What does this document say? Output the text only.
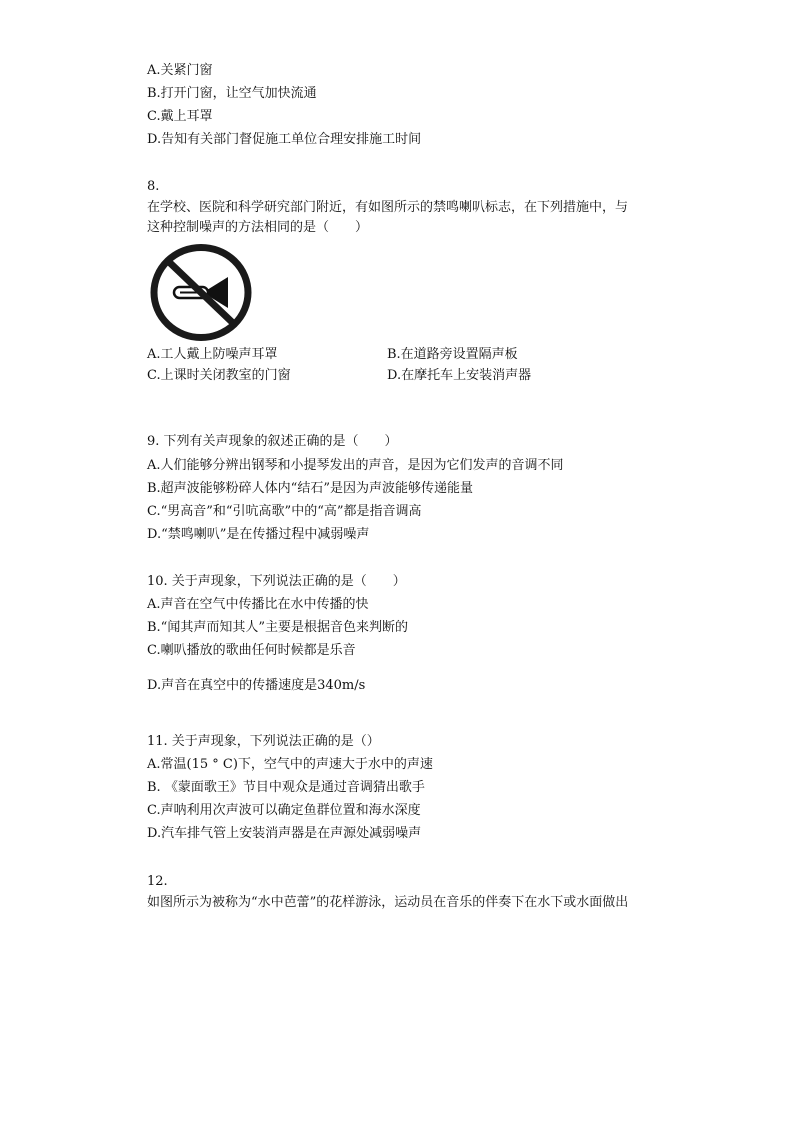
A.关紧门窗
B.打开门窗，让空气加快流通
C.戴上耳罩
D.告知有关部门督促施工单位合理安排施工时间
8.
在学校、医院和科学研究部门附近，有如图所示的禁鸣喇叭标志，在下列措施中，与
这种控制噪声的方法相同的是（　　）
A.工人戴上防噪声耳罩	B.在道路旁设置隔声板
C.上课时关闭教室的门窗	D.在摩托车上安装消声器
9. 下列有关声现象的叙述正确的是（　　）
A.人们能够分辨出钢琴和小提琴发出的声音，是因为它们发声的音调不同
B.超声波能够粉碎人体内“结石”是因为声波能够传递能量
C.“男高音”和“引吭高歌”中的“高”都是指音调高
D.“禁鸣喇叭”是在传播过程中减弱噪声
10. 关于声现象，下列说法正确的是（　　）
A.声音在空气中传播比在水中传播的快
B.“闻其声而知其人”主要是根据音色来判断的
C.喇叭播放的歌曲任何时候都是乐音
D.声音在真空中的传播速度是340m/s
11. 关于声现象，下列说法正确的是（）
A.常温(15 ° C)下，空气中的声速大于水中的声速
B. 《蒙面歌王》节目中观众是通过音调猜出歌手
C.声呐利用次声波可以确定鱼群位置和海水深度
D.汽车排气管上安装消声器是在声源处减弱噪声
12.
如图所示为被称为“水中芭蕾”的花样游泳，运动员在音乐的伴奏下在水下或水面做出
